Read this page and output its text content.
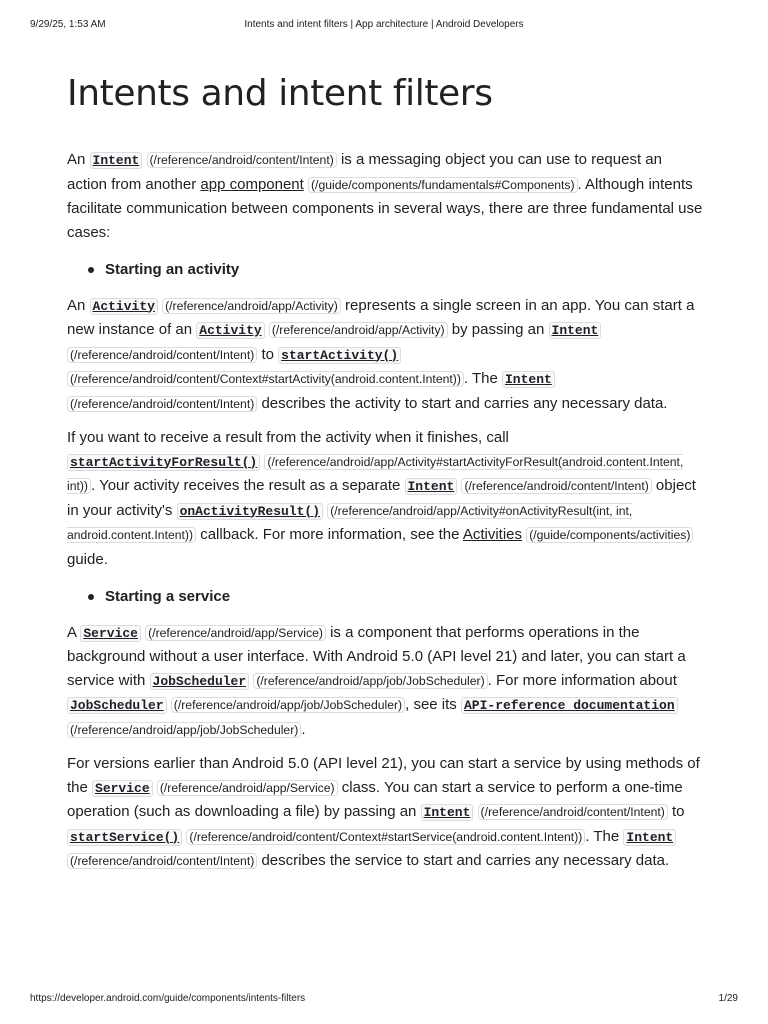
9/29/25, 1:53 AM	Intents and intent filters | App architecture | Android Developers
Intents and intent filters

An Intent (/reference/android/content/Intent) is a messaging object you can use to request an action from another app component (/guide/components/fundamentals#Components) . Although intents facilitate communication between components in several ways, there are three fundamental use cases:

Starting an activity

An Activity (/reference/android/app/Activity) represents a single screen in an app. You can start a new instance of an Activity (/reference/android/app/Activity) by passing an Intent (/reference/android/content/Intent) to startActivity() (/reference/android/content/Context#startActivity(android.content.Intent)) . The Intent (/reference/android/content/Intent) describes the activity to start and carries any necessary data.

If you want to receive a result from the activity when it finishes, call startActivityForResult() (/reference/android/app/Activity#startActivityForResult(android.content.Intent, int)) . Your activity receives the result as a separate Intent (/reference/android/content/Intent) object in your activity's onActivityResult() (/reference/android/app/Activity#onActivityResult(int, int, android.content.Intent)) callback. For more information, see the Activities (/guide/components/activities) guide.

Starting a service

A Service (/reference/android/app/Service) is a component that performs operations in the background without a user interface. With Android 5.0 (API level 21) and later, you can start a service with JobScheduler (/reference/android/app/job/JobScheduler) . For more information about JobScheduler (/reference/android/app/job/JobScheduler) , see its API-reference documentation (/reference/android/app/job/JobScheduler) .

For versions earlier than Android 5.0 (API level 21), you can start a service by using methods of the Service (/reference/android/app/Service) class. You can start a service to perform a one-time operation (such as downloading a file) by passing an Intent (/reference/android/content/Intent) to startService() (/reference/android/content/Context#startService(android.content.Intent)) . The Intent (/reference/android/content/Intent) describes the service to start and carries any necessary data.

https://developer.android.com/guide/components/intents-filters	1/29
